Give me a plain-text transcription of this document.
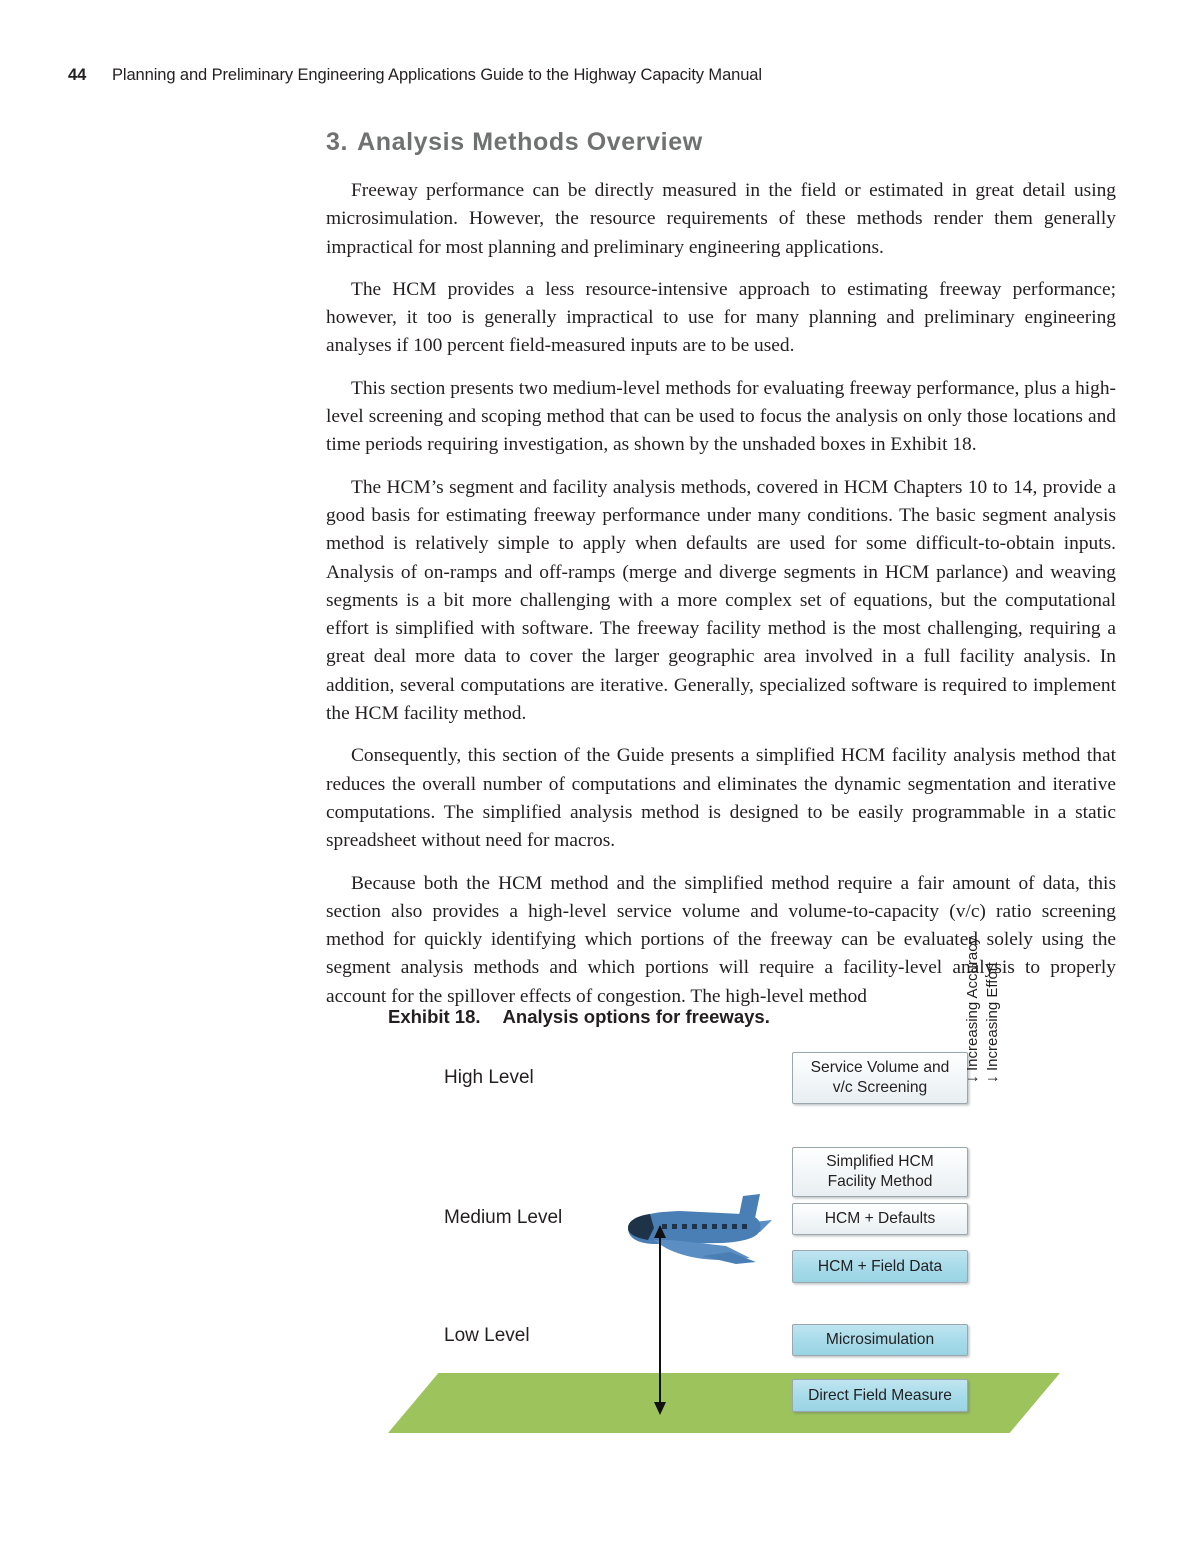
44	Planning and Preliminary Engineering Applications Guide to the Highway Capacity Manual
3. Analysis Methods Overview

Freeway performance can be directly measured in the field or estimated in great detail using microsimulation. However, the resource requirements of these methods render them generally impractical for most planning and preliminary engineering applications.

The HCM provides a less resource-intensive approach to estimating freeway performance; however, it too is generally impractical to use for many planning and preliminary engineering analyses if 100 percent field-measured inputs are to be used.

This section presents two medium-level methods for evaluating freeway performance, plus a high-level screening and scoping method that can be used to focus the analysis on only those locations and time periods requiring investigation, as shown by the unshaded boxes in Exhibit 18.

The HCM’s segment and facility analysis methods, covered in HCM Chapters 10 to 14, provide a good basis for estimating freeway performance under many conditions. The basic segment analysis method is relatively simple to apply when defaults are used for some difficult-to-obtain inputs. Analysis of on-ramps and off-ramps (merge and diverge segments in HCM parlance) and weaving segments is a bit more challenging with a more complex set of equations, but the computational effort is simplified with software. The freeway facility method is the most challenging, requiring a great deal more data to cover the larger geographic area involved in a full facility analysis. In addition, several computations are iterative. Generally, specialized software is required to implement the HCM facility method.

Consequently, this section of the Guide presents a simplified HCM facility analysis method that reduces the overall number of computations and eliminates the dynamic segmentation and iterative computations. The simplified analysis method is designed to be easily programmable in a static spreadsheet without need for macros.

Because both the HCM method and the simplified method require a fair amount of data, this section also provides a high-level service volume and volume-to-capacity (v/c) ratio screening method for quickly identifying which portions of the freeway can be evaluated solely using the segment analysis methods and which portions will require a facility-level analysis to properly account for the spillover effects of congestion. The high-level method

Exhibit 18. Analysis options for freeways.
High Level
Medium Level
Low Level
Service Volume and
v/c Screening
Simplified HCM
Facility Method
HCM + Defaults
HCM + Field Data
Microsimulation
Direct Field Measure
↓Increasing Accuracy
↓Increasing Effort
